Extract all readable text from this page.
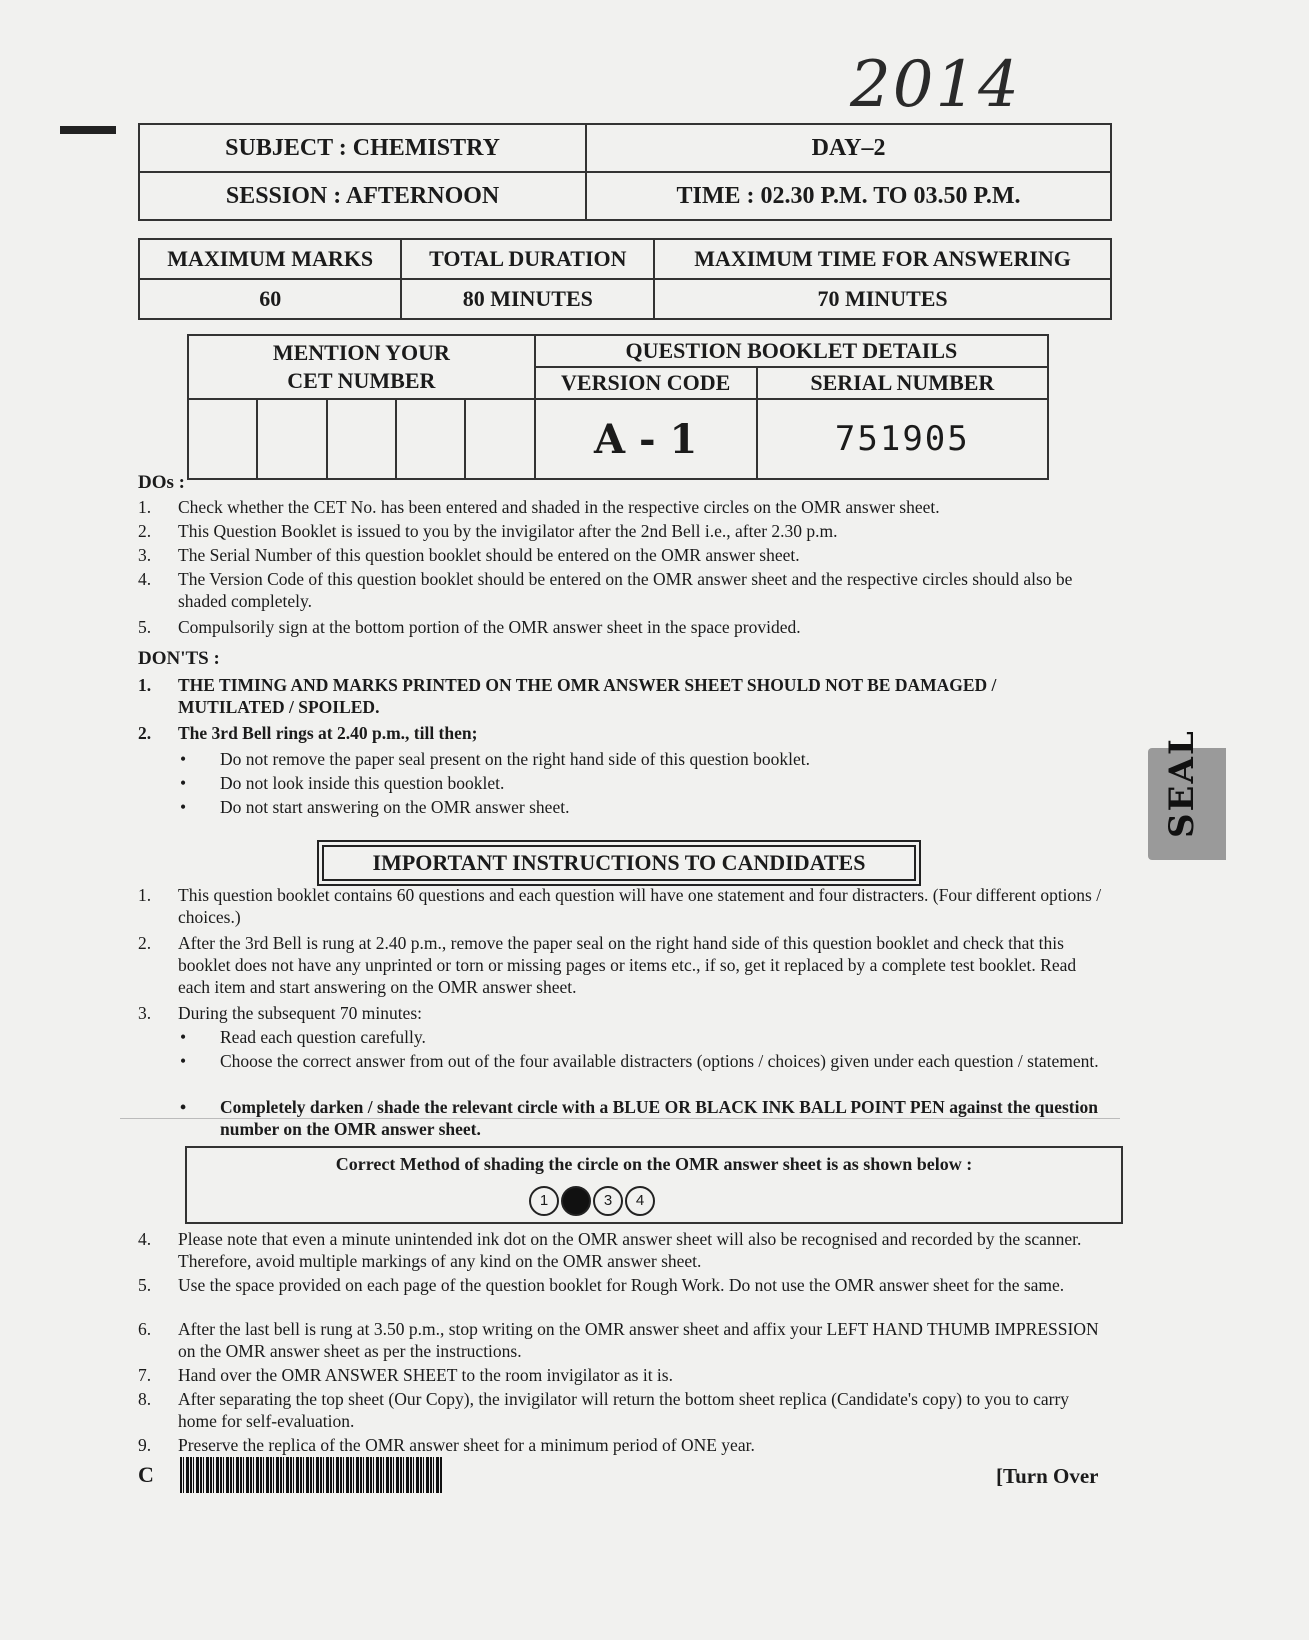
2014
SUBJECT : CHEMISTRY	DAY–2
SESSION : AFTERNOON	TIME : 02.30 P.M. TO 03.50 P.M.
MAXIMUM MARKS	TOTAL DURATION	MAXIMUM TIME FOR ANSWERING
60	80 MINUTES	70 MINUTES
MENTION YOUR
CET NUMBER					QUESTION BOOKLET DETAILS	
					VERSION CODE	SERIAL NUMBER
					A - 1	751905
DOs :
1. Check whether the CET No. has been entered and shaded in the respective circles on the OMR answer sheet.
2. This Question Booklet is issued to you by the invigilator after the 2nd Bell i.e., after 2.30 p.m.
3. The Serial Number of this question booklet should be entered on the OMR answer sheet.
4. The Version Code of this question booklet should be entered on the OMR answer sheet and the respective circles should also be shaded completely.
5. Compulsorily sign at the bottom portion of the OMR answer sheet in the space provided.
DON'TS :
1. THE TIMING AND MARKS PRINTED ON THE OMR ANSWER SHEET SHOULD NOT BE DAMAGED / MUTILATED / SPOILED.
2. The 3rd Bell rings at 2.40 p.m., till then;
• Do not remove the paper seal present on the right hand side of this question booklet.
• Do not look inside this question booklet.
• Do not start answering on the OMR answer sheet.
IMPORTANT INSTRUCTIONS TO CANDIDATES
1. This question booklet contains 60 questions and each question will have one statement and four distracters. (Four different options / choices.)
2. After the 3rd Bell is rung at 2.40 p.m., remove the paper seal on the right hand side of this question booklet and check that this booklet does not have any unprinted or torn or missing pages or items etc., if so, get it replaced by a complete test booklet. Read each item and start answering on the OMR answer sheet.
3. During the subsequent 70 minutes:
• Read each question carefully.
• Choose the correct answer from out of the four available distracters (options / choices) given under each question / statement.
• Completely darken / shade the relevant circle with a BLUE OR BLACK INK BALL POINT PEN against the question number on the OMR answer sheet.
Correct Method of shading the circle on the OMR answer sheet is as shown below :
1	3	4
4. Please note that even a minute unintended ink dot on the OMR answer sheet will also be recognised and recorded by the scanner. Therefore, avoid multiple markings of any kind on the OMR answer sheet.
5. Use the space provided on each page of the question booklet for Rough Work. Do not use the OMR answer sheet for the same.
6. After the last bell is rung at 3.50 p.m., stop writing on the OMR answer sheet and affix your LEFT HAND THUMB IMPRESSION on the OMR answer sheet as per the instructions.
7. Hand over the OMR ANSWER SHEET to the room invigilator as it is.
8. After separating the top sheet (Our Copy), the invigilator will return the bottom sheet replica (Candidate's copy) to you to carry home for self-evaluation.
9. Preserve the replica of the OMR answer sheet for a minimum period of ONE year.
SEAL
C	[Turn Over
